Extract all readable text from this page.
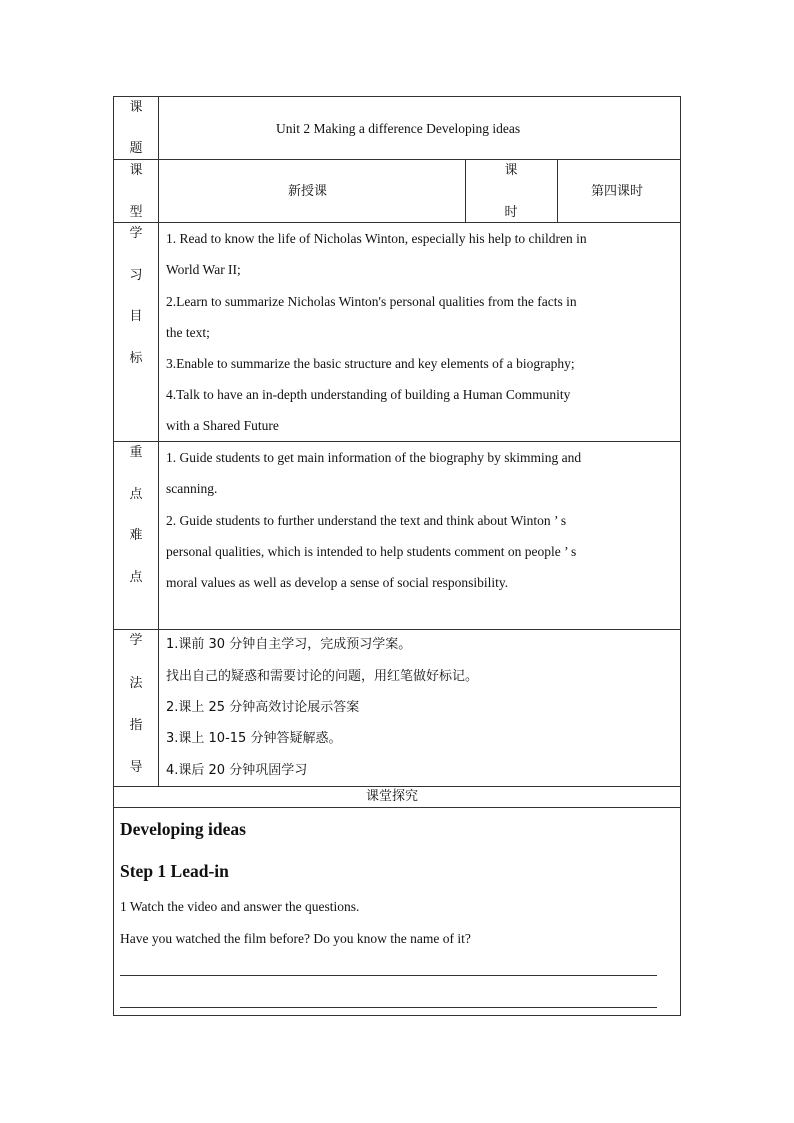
课
题
Unit 2 Making a difference Developing ideas
课
型
新授课
课
时
第四课时
学
习
目
标
1. Read to know the life of Nicholas Winton, especially his help to children in
World War II;
2.Learn to summarize Nicholas Winton's personal qualities from the facts in
the text;
3.Enable to summarize the basic structure and key elements of a biography;
4.Talk to have an in-depth understanding of building a Human Community
with a Shared Future
重
点
难
点
1. Guide students to get main information of the biography by skimming and
scanning.
2. Guide students to further understand the text and think about Winton ’ s
personal qualities, which is intended to help students comment on people ’ s
moral values as well as develop a sense of social responsibility.
学
法
指
导
1.课前 30 分钟自主学习，完成预习学案。
找出自己的疑惑和需要讨论的问题，用红笔做好标记。
2.课上 25 分钟高效讨论展示答案
3.课上 10-15 分钟答疑解惑。
4.课后 20 分钟巩固学习
课堂探究
Developing ideas
Step 1 Lead-in
1 Watch the video and answer the questions.
Have you watched the film before? Do you know the name of it?
